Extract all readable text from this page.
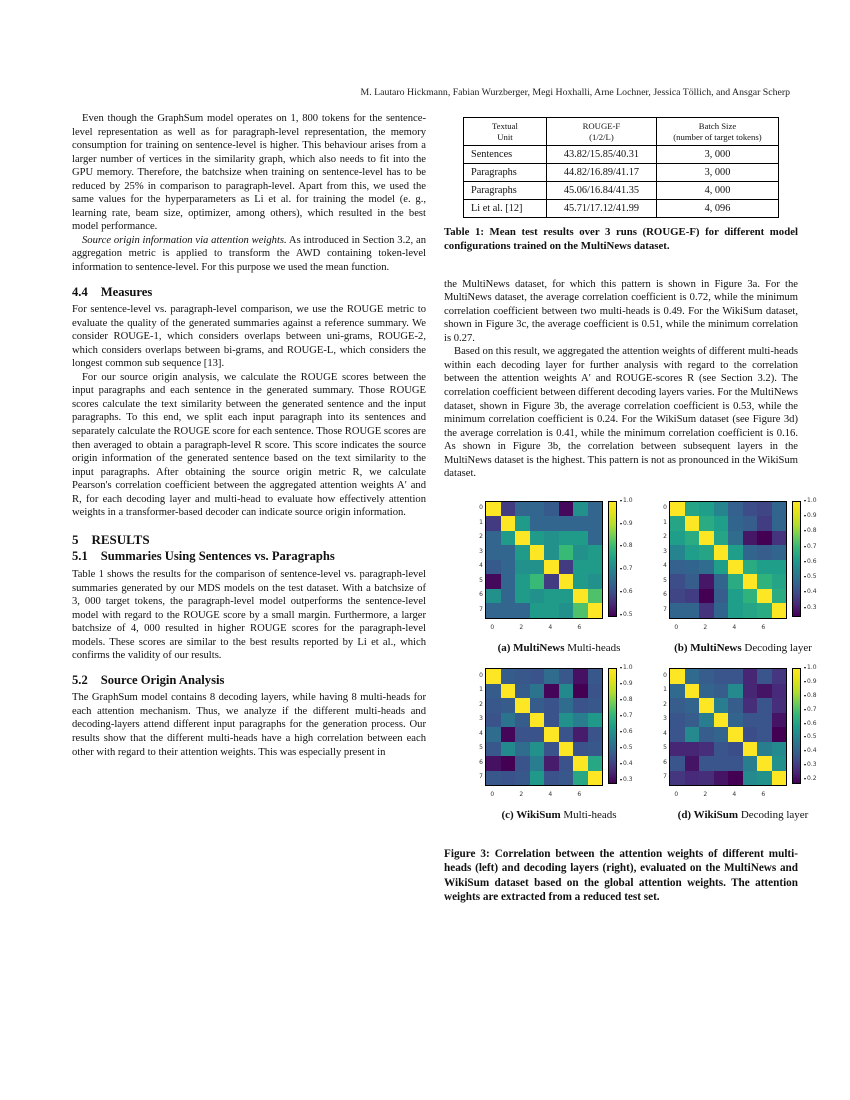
M. Lautaro Hickmann, Fabian Wurzberger, Megi Hoxhalli, Arne Lochner, Jessica Töllich, and Ansgar Scherp

Even though the GraphSum model operates on 1, 800 tokens for the sentence-level representation as well as for paragraph-level representation, the memory consumption for training on sentence-level is higher. This behaviour arises from a larger number of vertices in the similarity graph, which also needs to fit into the GPU memory. Therefore, the batchsize when training on sentence-level has to be reduced by 25% in comparison to paragraph-level. Apart from this, we used the same values for the hyperparameters as Li et al. for training the model (e. g., learning rate, beam size, optimizer, among others), which resulted in the best model performance.

Source origin information via attention weights. As introduced in Section 3.2, an aggregation metric is applied to transform the AWD containing token-level information to sentence-level. For this purpose we used the mean function.

4.4 Measures

For sentence-level vs. paragraph-level comparison, we use the ROUGE metric to evaluate the quality of the generated summaries against a reference summary. We consider ROUGE-1, which considers overlaps between uni-grams, ROUGE-2, which considers overlaps between bi-grams, and ROUGE-L, which considers the longest common sub sequence [13].

For our source origin analysis, we calculate the ROUGE scores between the input paragraphs and each sentence in the generated summary. Those ROUGE scores calculate the text similarity between the generated sentence and the input paragraphs. To this end, we split each input paragraph into its sentences and separately calculate the ROUGE score for each sentence. Those ROUGE scores are then averaged to obtain a paragraph-level R score. This score indicates the source origin information of the generated sentence based on the text similarity to the input paragraphs. After obtaining the source origin metric R, we calculate Pearson's correlation coefficient between the aggregated attention weights A′ and R, for each decoding layer and multi-head to evaluate how effectively attention weights in a transformer-based decoder can indicate source origin information.

5 RESULTS

5.1 Summaries Using Sentences vs. Paragraphs

Table 1 shows the results for the comparison of sentence-level vs. paragraph-level summaries generated by our MDS models on the test dataset. With a batchsize of 3, 000 target tokens, the paragraph-level model outperforms the sentence-level model with regard to the ROUGE score by a small margin. Furthermore, a larger batchsize of 4, 000 resulted in higher ROUGE scores for the paragraph-level models. These scores are similar to the best results reported by Li et al., which confirms the validity of our results.

5.2 Source Origin Analysis

The GraphSum model contains 8 decoding layers, while having 8 multi-heads for each attention mechanism. Thus, we analyze if the different multi-heads and decoding-layers attend different input paragraphs for the generation process. Our results show that the different multi-heads have a high correlation between each other with regard to their attention weights. This was especially present in

Textual
Unit

ROUGE-F
(1/2/L)

Batch Size
(number of target tokens)

Sentences	43.82/15.85/40.31	3, 000
Paragraphs	44.82/16.89/41.17	3, 000
Paragraphs	45.06/16.84/41.35	4, 000
Li et al. [12]	45.71/17.12/41.99	4, 096

Table 1: Mean test results over 3 runs (ROUGE-F) for different model configurations trained on the MultiNews dataset.

the MultiNews dataset, for which this pattern is shown in Figure 3a. For the MultiNews dataset, the average correlation coefficient is 0.72, while the minimum correlation coefficient between two multi-heads is 0.49. For the WikiSum dataset, shown in Figure 3c, the average coefficient is 0.51, while the minimum correlation is 0.27.

Based on this result, we aggregated the attention weights of different multi-heads within each decoding layer for further analysis with regard to the correlation between the attention weights A′ and ROUGE-scores R (see Section 3.2). The correlation coefficient between different decoding layers varies. For the MultiNews dataset, shown in Figure 3b, the average correlation coefficient is 0.53, while the minimum correlation coefficient is 0.24. For the WikiSum dataset (see Figure 3d) the average correlation is 0.41, while the minimum correlation coefficient is 0.16. As shown in Figure 3b, the correlation between subsequent layers in the MultiNews dataset is the highest. This pattern is not as pronounced in the WikiSum dataset.

0
1
2
3
4
5
6
7
1.0
0.9
0.8
0.7
0.6
0.5
0	2	4	6
(a) MultiNews Multi-heads
0
1
2
3
4
5
6
7
1.0
0.9
0.8
0.7
0.6
0.5
0.4
0.3
0	2	4	6
(b) MultiNews Decoding layer
0
1
2
3
4
5
6
7
1.0
0.9
0.8
0.7
0.6
0.5
0.4
0.3
0	2	4	6
(c) WikiSum Multi-heads
0
1
2
3
4
5
6
7
1.0
0.9
0.8
0.7
0.6
0.5
0.4
0.3
0.2
0	2	4	6
(d) WikiSum Decoding layer

Figure 3: Correlation between the attention weights of different multi-heads (left) and decoding layers (right), evaluated on the MultiNews and WikiSum dataset based on the global attention weights. The attention weights are extracted from a reduced test set.
